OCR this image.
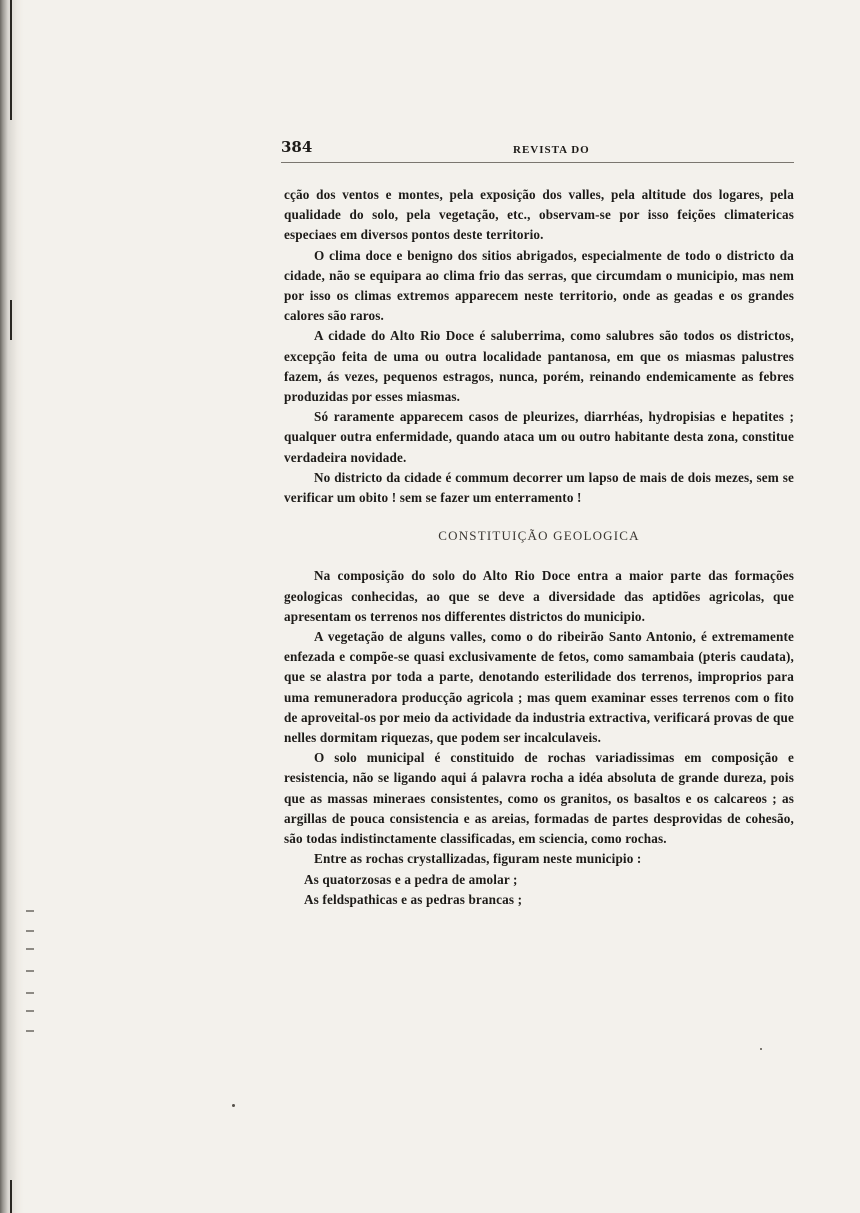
384	REVISTA DO

cção dos ventos e montes, pela exposição dos valles, pela altitude dos logares, pela qualidade do solo, pela vegetação, etc., observam-se por isso feições climatericas especiaes em diversos pontos deste territorio.

O clima doce e benigno dos sitios abrigados, especialmente de todo o districto da cidade, não se equipara ao clima frio das serras, que circumdam o municipio, mas nem por isso os climas extremos apparecem neste territorio, onde as geadas e os grandes calores são raros.

A cidade do Alto Rio Doce é saluberrima, como salubres são todos os districtos, excepção feita de uma ou outra localidade pantanosa, em que os miasmas palustres fazem, ás vezes, pequenos estragos, nunca, porém, reinando endemicamente as febres produzidas por esses miasmas.

Só raramente apparecem casos de pleurizes, diarrhéas, hydropisias e hepatites ; qualquer outra enfermidade, quando ataca um ou outro habitante desta zona, constitue verdadeira novidade.

No districto da cidade é commum decorrer um lapso de mais de dois mezes, sem se verificar um obito ! sem se fazer um enterramento !

CONSTITUIÇÃO GEOLOGICA

Na composição do solo do Alto Rio Doce entra a maior parte das formações geologicas conhecidas, ao que se deve a diversidade das aptidões agricolas, que apresentam os terrenos nos differentes districtos do municipio.

A vegetação de alguns valles, como o do ribeirão Santo Antonio, é extremamente enfezada e compõe-se quasi exclusivamente de fetos, como samambaia (pteris caudata), que se alastra por toda a parte, denotando esterilidade dos terrenos, improprios para uma remuneradora producção agricola ; mas quem examinar esses terrenos com o fito de aproveital-os por meio da actividade da industria extractiva, verificará provas de que nelles dormitam riquezas, que podem ser incalculaveis.

O solo municipal é constituido de rochas variadissimas em composição e resistencia, não se ligando aqui á palavra rocha a idéa absoluta de grande dureza, pois que as massas mineraes consistentes, como os granitos, os basaltos e os calcareos ; as argillas de pouca consistencia e as areias, formadas de partes desprovidas de cohesão, são todas indistinctamente classificadas, em sciencia, como rochas.

Entre as rochas crystallizadas, figuram neste municipio :

As quatorzosas e a pedra de amolar ;

As feldspathicas e as pedras brancas ;
